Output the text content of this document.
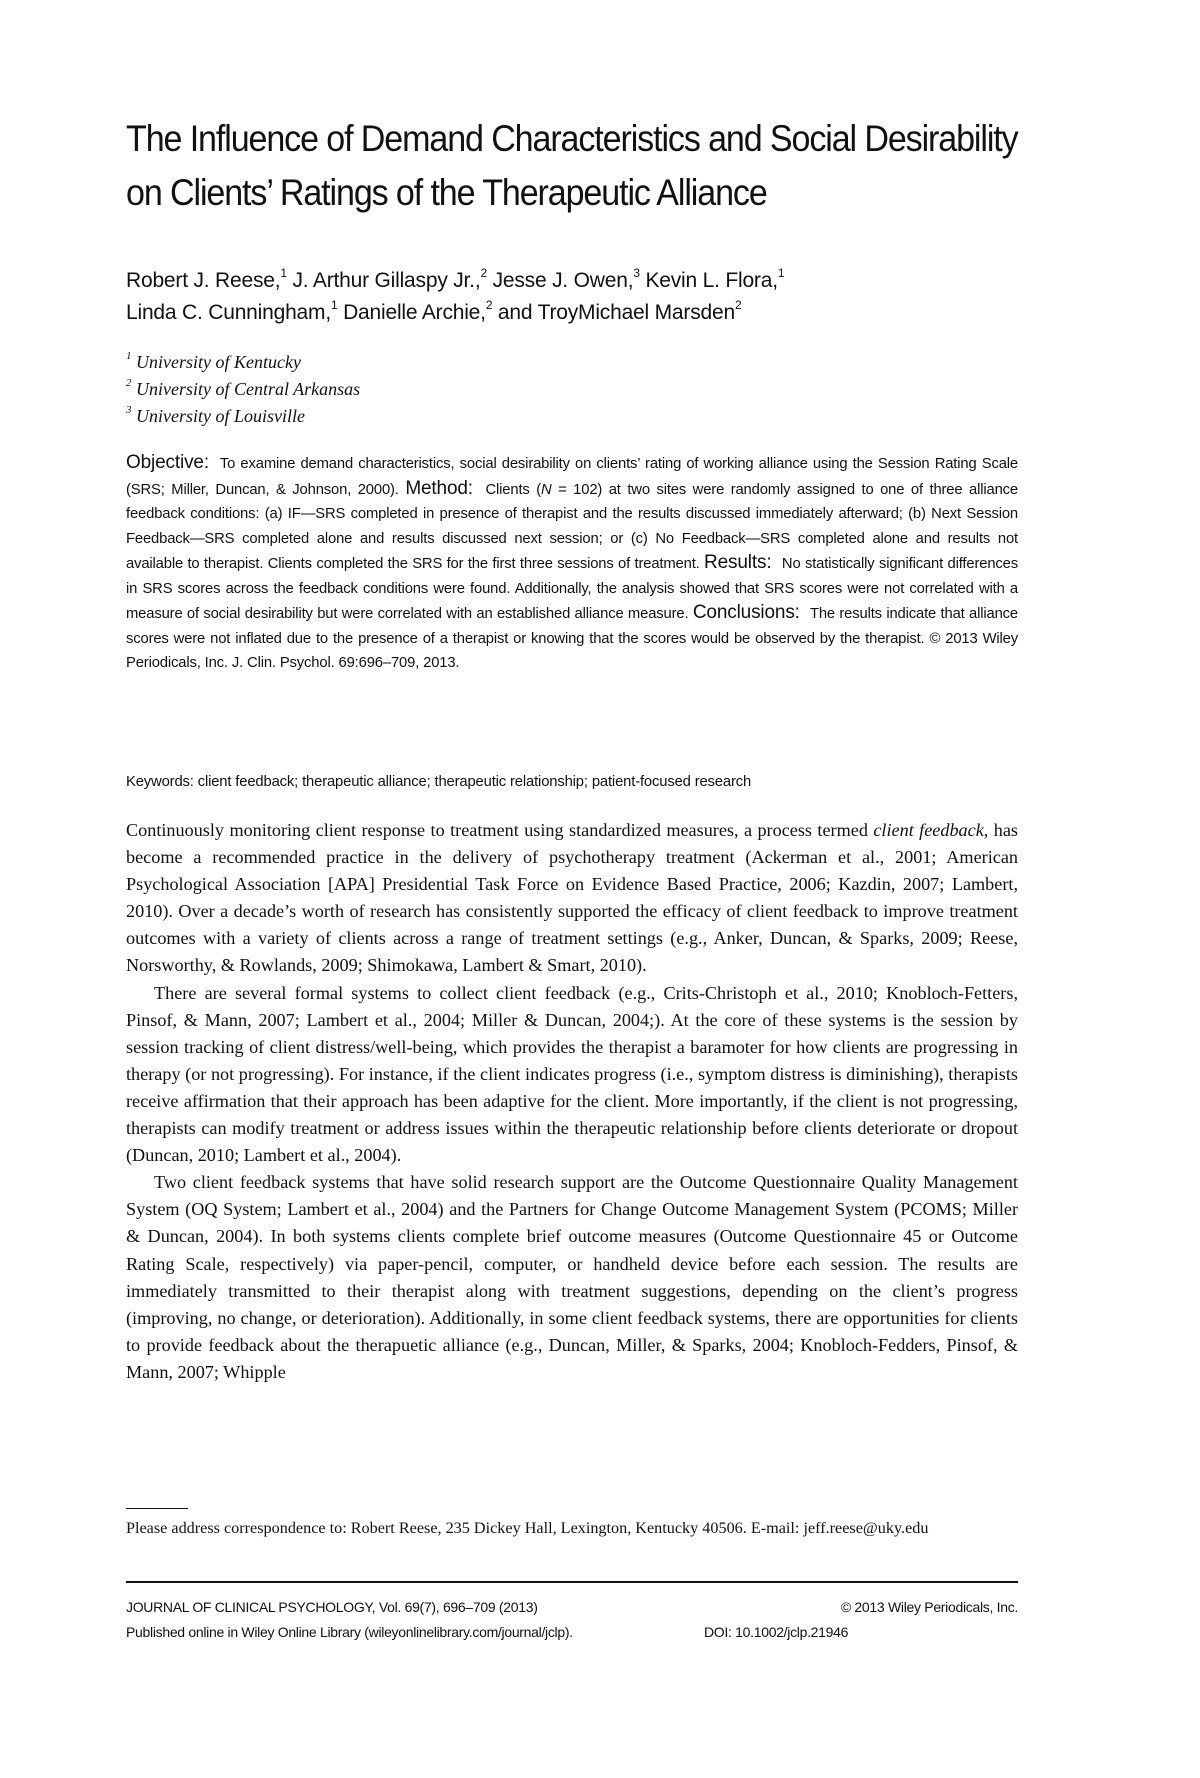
The Influence of Demand Characteristics and Social Desirability
on Clients’ Ratings of the Therapeutic Alliance
Robert J. Reese,$^1$ J. Arthur Gillaspy Jr.,$^2$ Jesse J. Owen,$^3$ Kevin L. Flora,$^1$
Linda C. Cunningham,$^1$ Danielle Archie,$^2$ and TroyMichael Marsden$^2$
$^1$ University of Kentucky
$^2$ University of Central Arkansas
$^3$ University of Louisville
Objective: To examine demand characteristics, social desirability on clients’ rating of working alliance using the Session Rating Scale (SRS; Miller, Duncan, & Johnson, 2000). Method: Clients (N = 102) at two sites were randomly assigned to one of three alliance feedback conditions: (a) IF—SRS completed in presence of therapist and the results discussed immediately afterward; (b) Next Session Feedback—SRS completed alone and results discussed next session; or (c) No Feedback—SRS completed alone and results not available to therapist. Clients completed the SRS for the first three sessions of treatment. Results: No statistically significant differences in SRS scores across the feedback conditions were found. Additionally, the analysis showed that SRS scores were not correlated with a measure of social desirability but were correlated with an established alliance measure. Conclusions: The results indicate that alliance scores were not inflated due to the presence of a therapist or knowing that the scores would be observed by the therapist. © 2013 Wiley Periodicals, Inc. J. Clin. Psychol. 69:696–709, 2013.
Keywords: client feedback; therapeutic alliance; therapeutic relationship; patient-focused research

Continuously monitoring client response to treatment using standardized measures, a process termed client feedback, has become a recommended practice in the delivery of psychotherapy treatment (Ackerman et al., 2001; American Psychological Association [APA] Presidential Task Force on Evidence Based Practice, 2006; Kazdin, 2007; Lambert, 2010). Over a decade’s worth of research has consistently supported the efficacy of client feedback to improve treatment outcomes with a variety of clients across a range of treatment settings (e.g., Anker, Duncan, & Sparks, 2009; Reese, Norsworthy, & Rowlands, 2009; Shimokawa, Lambert & Smart, 2010).

There are several formal systems to collect client feedback (e.g., Crits-Christoph et al., 2010; Knobloch-Fetters, Pinsof, & Mann, 2007; Lambert et al., 2004; Miller & Duncan, 2004;). At the core of these systems is the session by session tracking of client distress/well-being, which provides the therapist a baramoter for how clients are progressing in therapy (or not progressing). For instance, if the client indicates progress (i.e., symptom distress is diminishing), therapists receive affirmation that their approach has been adaptive for the client. More importantly, if the client is not progressing, therapists can modify treatment or address issues within the therapeutic relationship before clients deteriorate or dropout (Duncan, 2010; Lambert et al., 2004).

Two client feedback systems that have solid research support are the Outcome Questionnaire Quality Management System (OQ System; Lambert et al., 2004) and the Partners for Change Outcome Management System (PCOMS; Miller & Duncan, 2004). In both systems clients complete brief outcome measures (Outcome Questionnaire 45 or Outcome Rating Scale, respectively) via paper-pencil, computer, or handheld device before each session. The results are immediately transmitted to their therapist along with treatment suggestions, depending on the client’s progress (improving, no change, or deterioration). Additionally, in some client feedback systems, there are opportunities for clients to provide feedback about the therapuetic alliance (e.g., Duncan, Miller, & Sparks, 2004; Knobloch-Fedders, Pinsof, & Mann, 2007; Whipple

Please address correspondence to: Robert Reese, 235 Dickey Hall, Lexington, Kentucky 40506. E-mail: jeff.reese@uky.edu
JOURNAL OF CLINICAL PSYCHOLOGY, Vol. 69(7), 696–709 (2013)	© 2013 Wiley Periodicals, Inc.
Published online in Wiley Online Library (wileyonlinelibrary.com/journal/jclp).	DOI: 10.1002/jclp.21946
